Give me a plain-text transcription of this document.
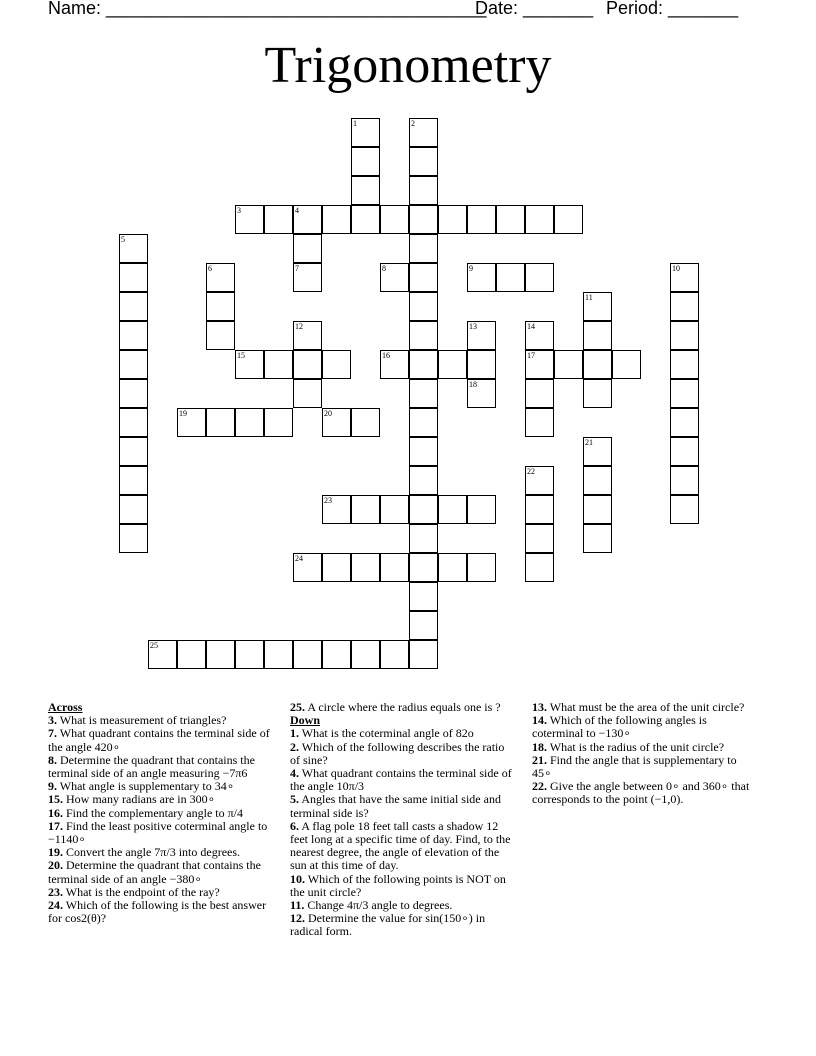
Name: ______________________________________
Date: _______ Period: _______
Trigonometry
1	2
3	4
5
6	7	8	9	10
11
12	13	14
15	16	17
18
19	20
21
22
23
24
25
Across
3. What is measurement of triangles?
7. What quadrant contains the terminal side of the angle 420∘
8. Determine the quadrant that contains the terminal side of an angle measuring −7π6
9. What angle is supplementary to 34∘
15. How many radians are in 300∘
16. Find the complementary angle to π/4
17. Find the least positive coterminal angle to −1140∘
19. Convert the angle 7π/3 into degrees.
20. Determine the quadrant that contains the terminal side of an angle −380∘
23. What is the endpoint of the ray?
24. Which of the following is the best answer for cos2(θ)?
25. A circle where the radius equals one is ?
Down
1. What is the coterminal angle of 82o
2. Which of the following describes the ratio of sine?
4. What quadrant contains the terminal side of the angle 10π/3
5. Angles that have the same initial side and terminal side is?
6. A flag pole 18 feet tall casts a shadow 12 feet long at a specific time of day. Find, to the nearest degree, the angle of elevation of the sun at this time of day.
10. Which of the following points is NOT on the unit circle?
11. Change 4π/3 angle to degrees.
12. Determine the value for sin(150∘) in radical form.
13. What must be the area of the unit circle?
14. Which of the following angles is coterminal to −130∘
18. What is the radius of the unit circle?
21. Find the angle that is supplementary to 45∘
22. Give the angle between 0∘ and 360∘ that corresponds to the point (−1,0).
